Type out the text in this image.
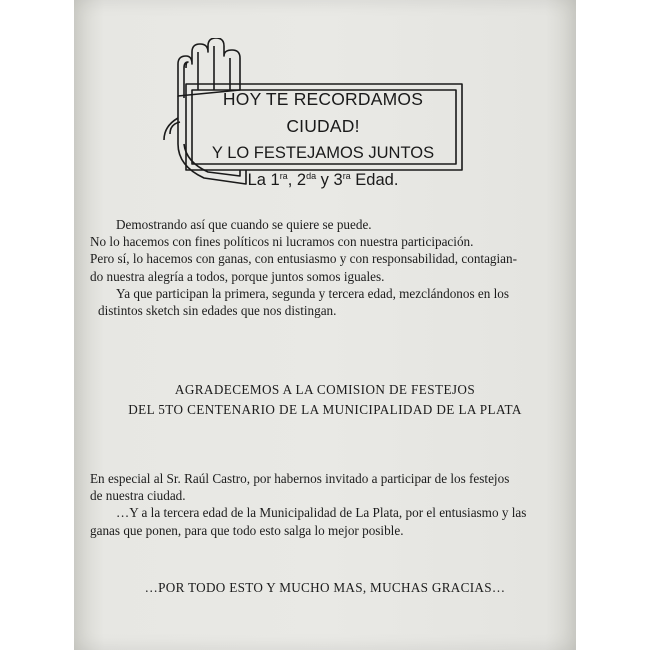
HOY TE RECORDAMOS CIUDAD!
Y LO FESTEJAMOS JUNTOS
La $1^{ra}$, $2^{da}$ y $3^{ra}$ Edad.
Demostrando así que cuando se quiere se puede.
No lo hacemos con fines políticos ni lucramos con nuestra participación.
Pero sí, lo hacemos con ganas, con entusiasmo y con responsabilidad, contagian-
do nuestra alegría a todos, porque juntos somos iguales.
Ya que participan la primera, segunda y tercera edad, mezclándonos en los
distintos sketch sin edades que nos distingan.
AGRADECEMOS A LA COMISION DE FESTEJOS
DEL 5TO CENTENARIO DE LA MUNICIPALIDAD DE LA PLATA
En especial al Sr. Raúl Castro, por habernos invitado a participar de los festejos
de nuestra ciudad.
…Y a la tercera edad de la Municipalidad de La Plata, por el entusiasmo y las
ganas que ponen, para que todo esto salga lo mejor posible.
…POR TODO ESTO Y MUCHO MAS, MUCHAS GRACIAS…
